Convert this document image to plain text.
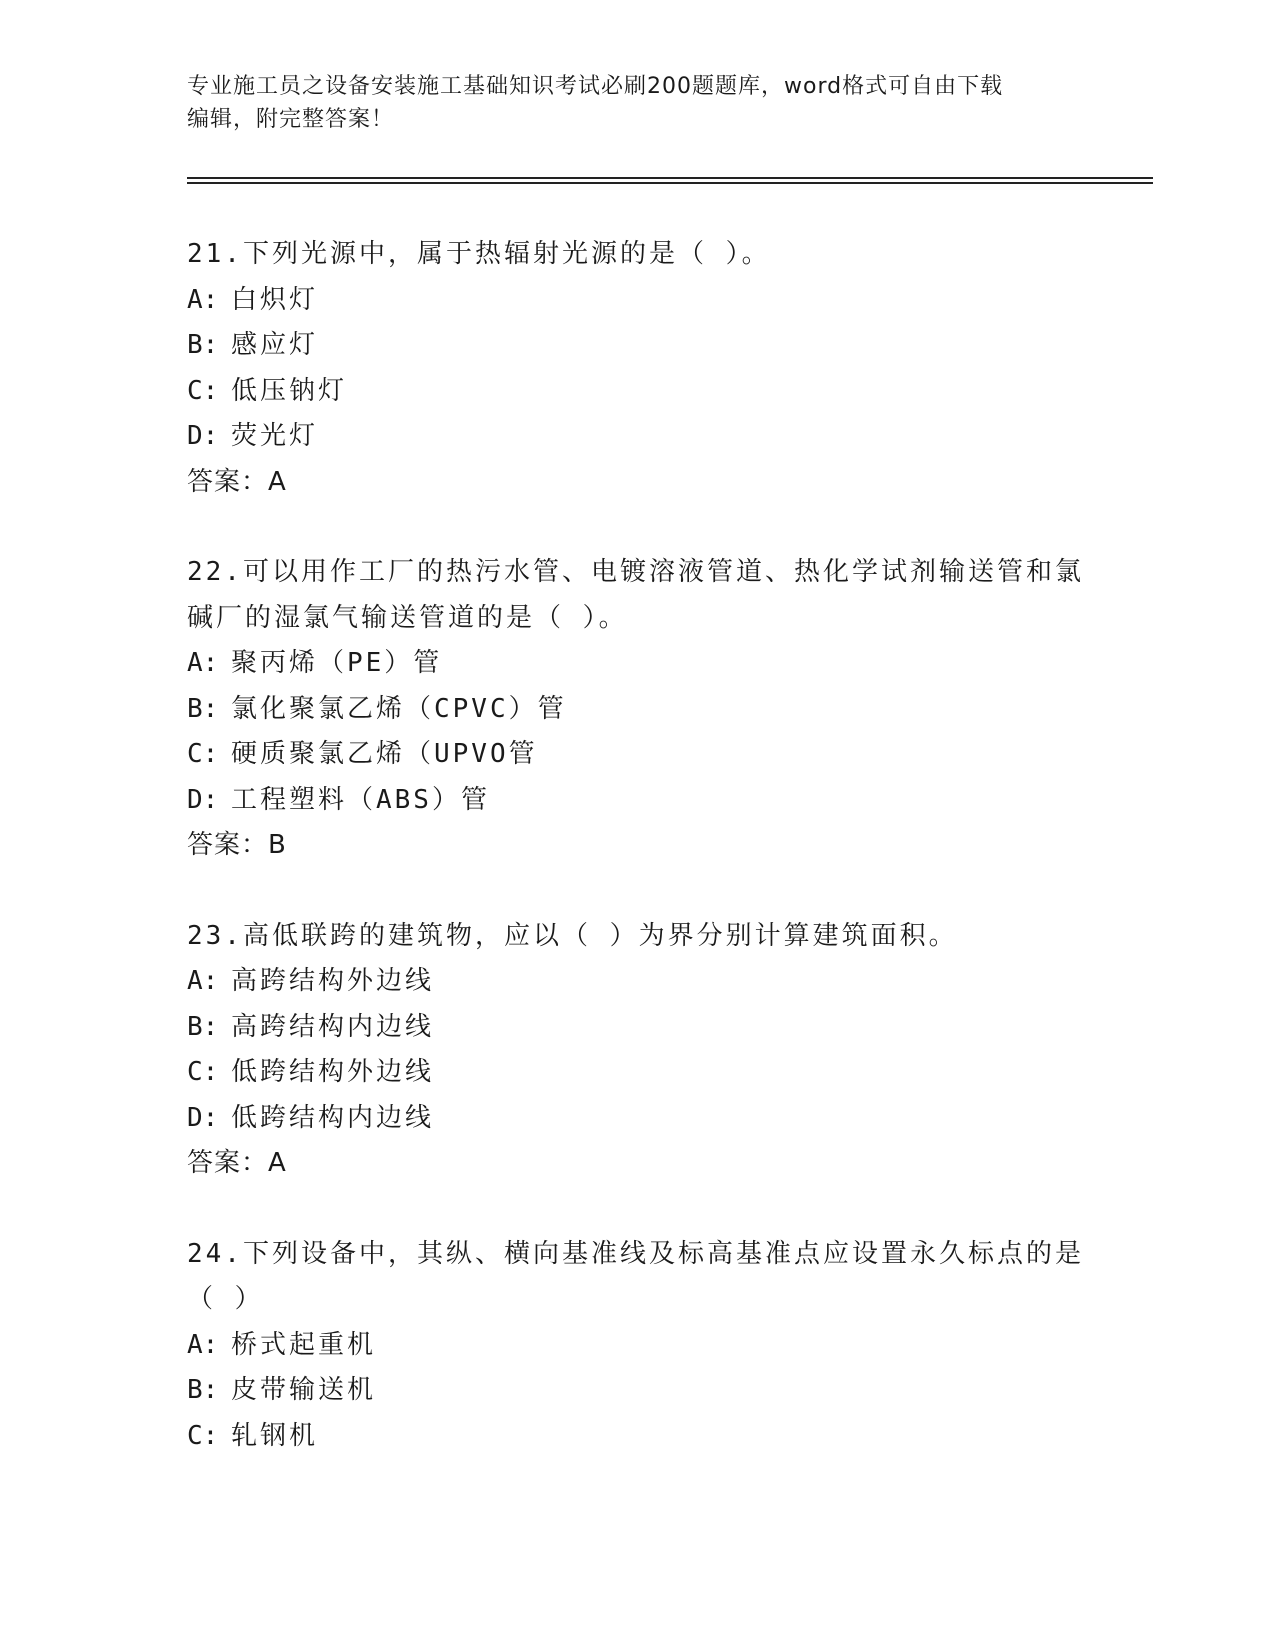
专业施工员之设备安装施工基础知识考试必刷200题题库，word格式可自由下载
编辑，附完整答案！
21.下列光源中，属于热辐射光源的是（ ）。
A: 白炽灯
B: 感应灯
C: 低压钠灯
D: 荧光灯
答案：A
22.可以用作工厂的热污水管、电镀溶液管道、热化学试剂输送管和氯碱厂的湿氯气输送管道的是（ ）。
A: 聚丙烯（PE）管
B: 氯化聚氯乙烯（CPVC）管
C: 硬质聚氯乙烯（UPVO管
D: 工程塑料（ABS）管
答案：B
23.高低联跨的建筑物，应以（ ）为界分别计算建筑面积。
A: 高跨结构外边线
B: 高跨结构内边线
C: 低跨结构外边线
D: 低跨结构内边线
答案：A
24.下列设备中，其纵、横向基准线及标高基准点应设置永久标点的是（ ）
A: 桥式起重机
B: 皮带输送机
C: 轧钢机
